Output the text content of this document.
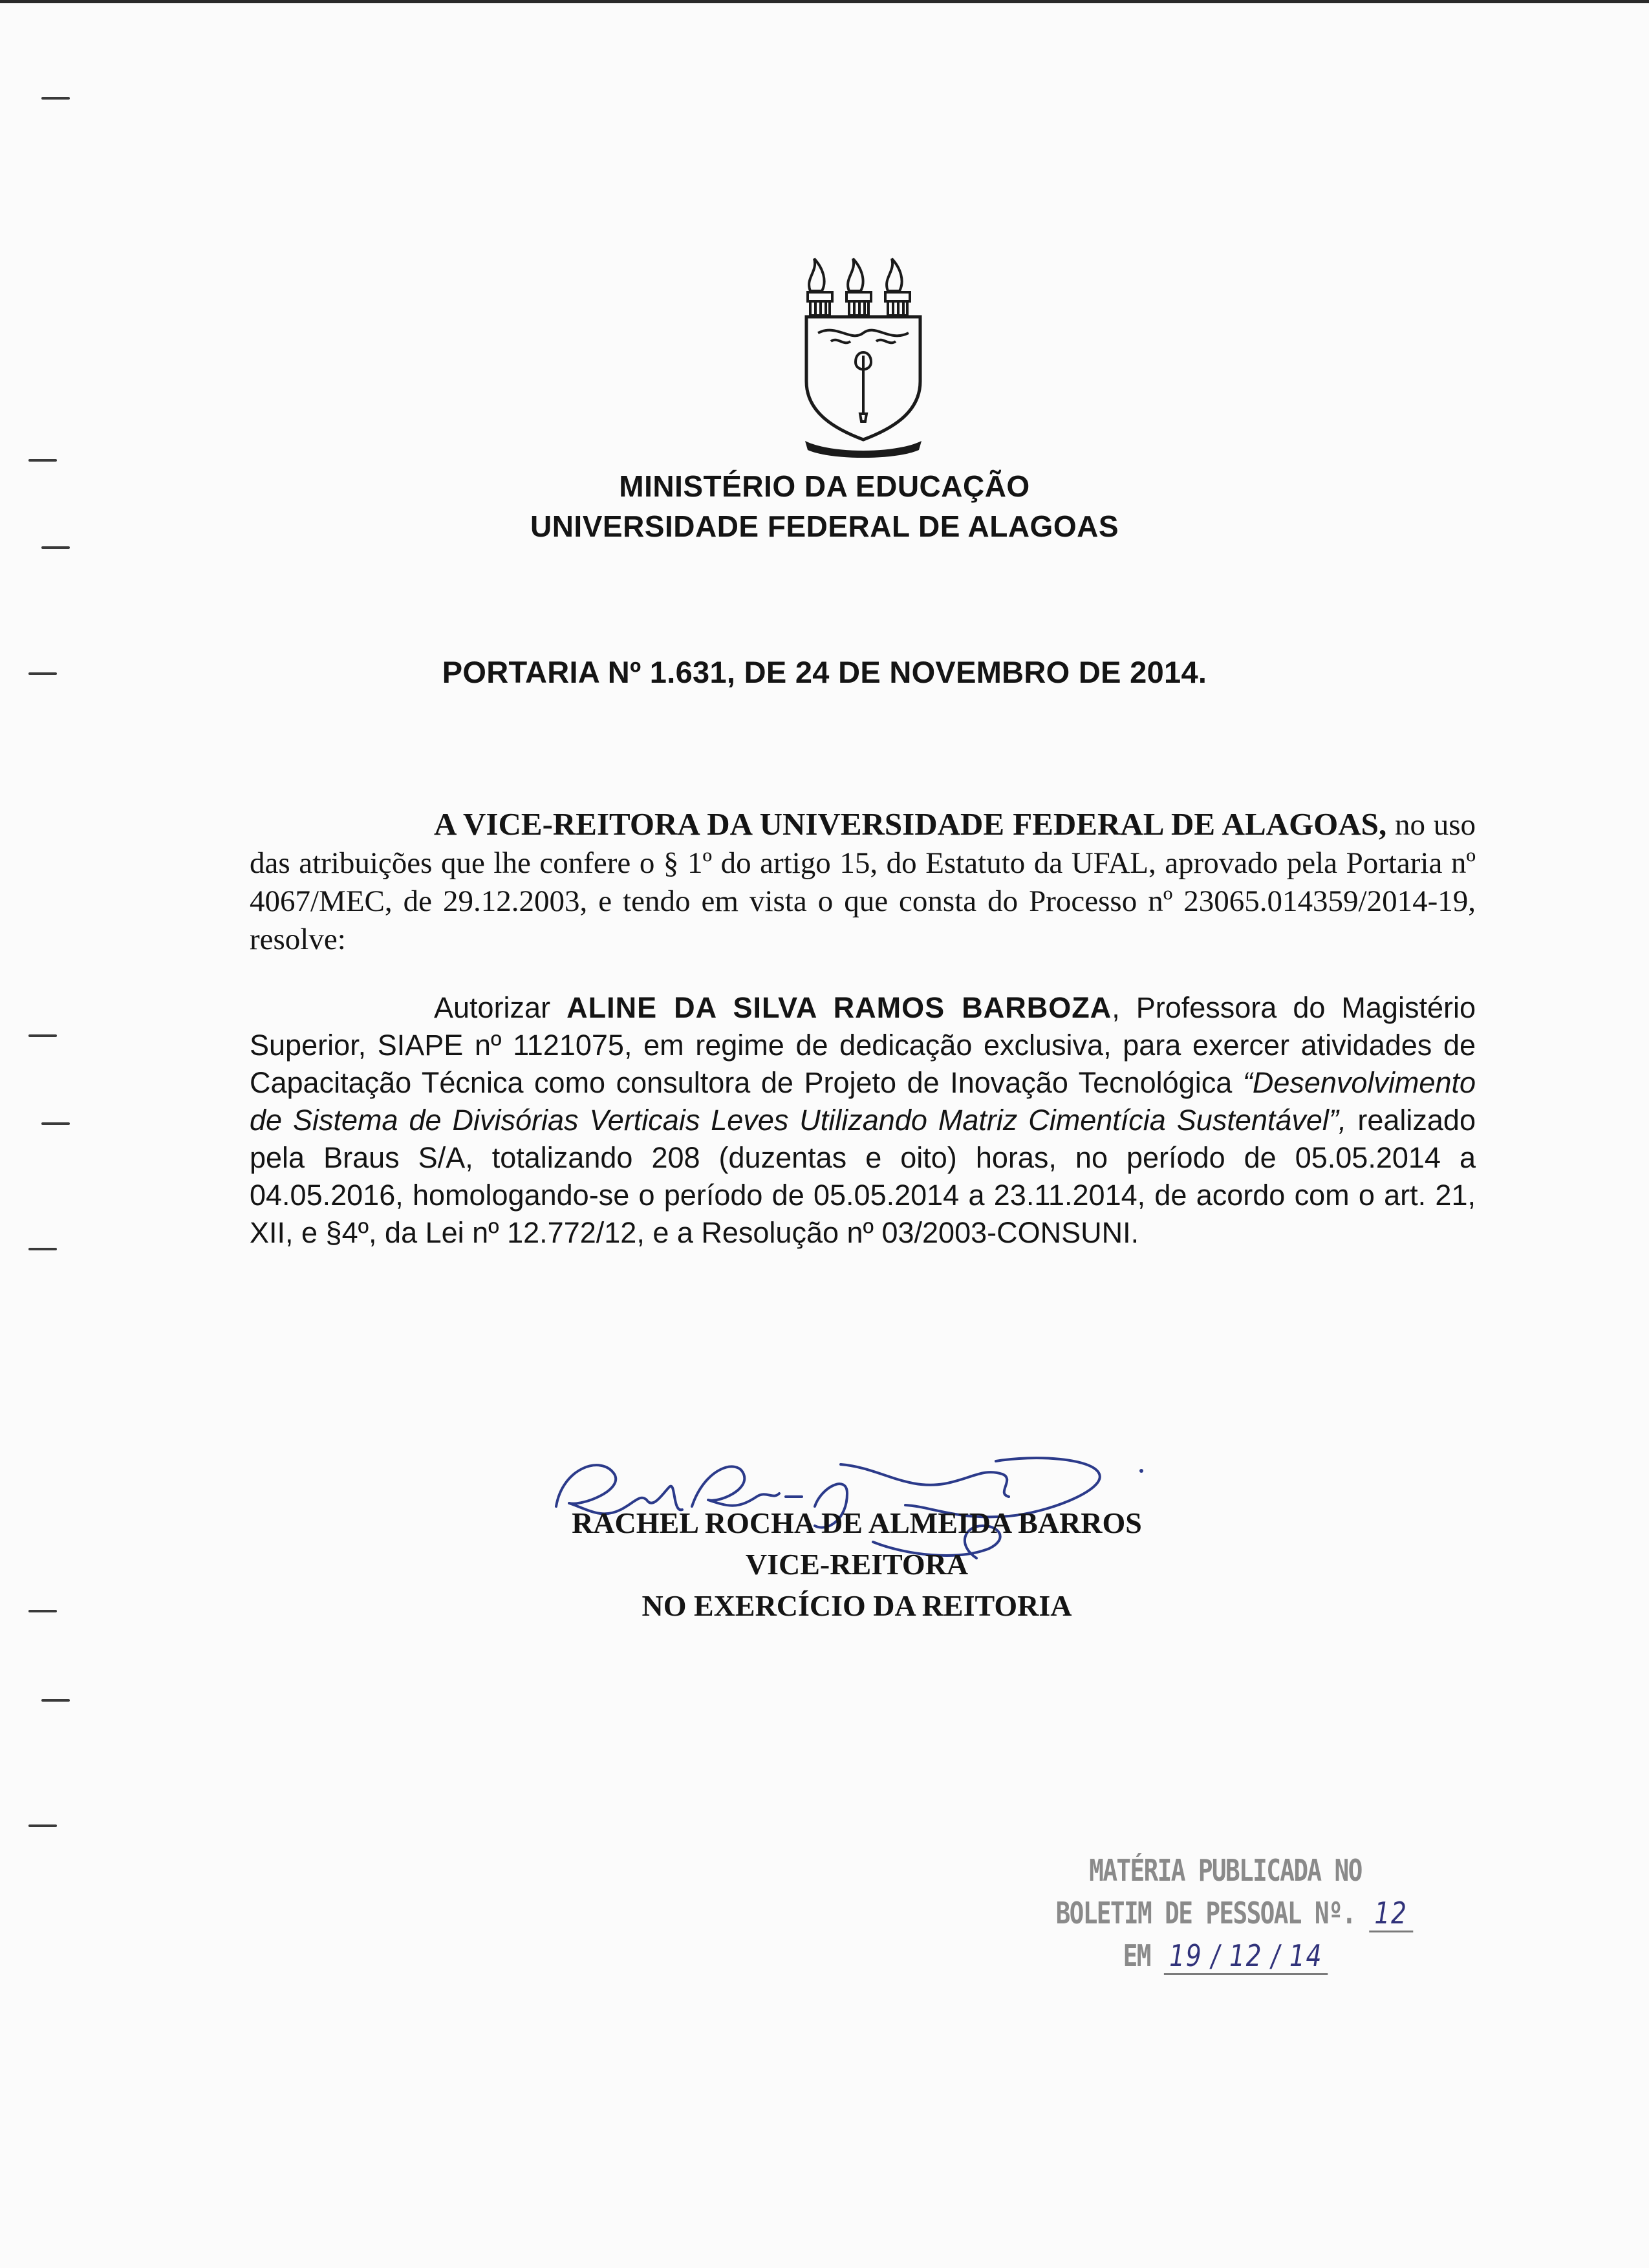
MINISTÉRIO DA EDUCAÇÃO
UNIVERSIDADE FEDERAL DE ALAGOAS
PORTARIA Nº 1.631, DE 24 DE NOVEMBRO DE 2014.

A VICE-REITORA DA UNIVERSIDADE FEDERAL DE ALAGOAS, no uso das atribuições que lhe confere o § 1º do artigo 15, do Estatuto da UFAL, aprovado pela Portaria nº 4067/MEC, de 29.12.2003, e tendo em vista o que consta do Processo nº 23065.014359/2014-19, resolve:

Autorizar ALINE DA SILVA RAMOS BARBOZA, Professora do Magistério Superior, SIAPE nº 1121075, em regime de dedicação exclusiva, para exercer atividades de Capacitação Técnica como consultora de Projeto de Inovação Tecnológica “Desenvolvimento de Sistema de Divisórias Verticais Leves Utilizando Matriz Cimentícia Sustentável”, realizado pela Braus S/A, totalizando 208 (duzentas e oito) horas, no período de 05.05.2014 a 04.05.2016, homologando-se o período de 05.05.2014 a 23.11.2014, de acordo com o art. 21, XII, e §4º, da Lei nº 12.772/12, e a Resolução nº 03/2003-CONSUNI.

RACHEL ROCHA DE ALMEIDA BARROS
VICE-REITORA
NO EXERCÍCIO DA REITORIA
MATÉRIA PUBLICADA NO
BOLETIM DE PESSOAL Nº. 12
EM 19 / 12 / 14
